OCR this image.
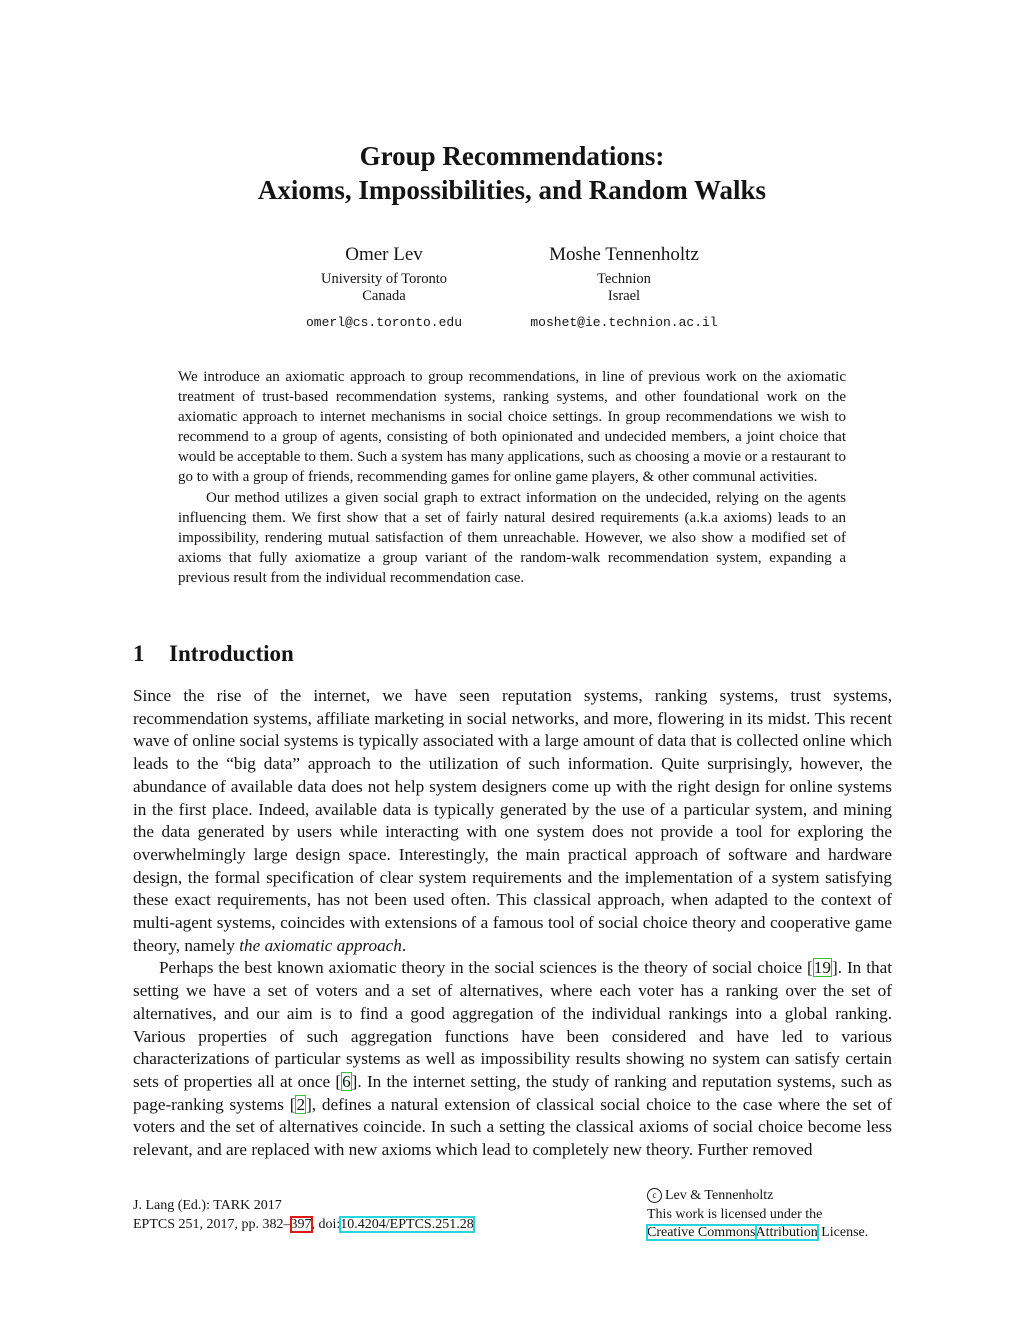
Group Recommendations:
Axioms, Impossibilities, and Random Walks
Omer Lev
University of Toronto
Canada
omerl@cs.toronto.edu
Moshe Tennenholtz
Technion
Israel
moshet@ie.technion.ac.il

We introduce an axiomatic approach to group recommendations, in line of previous work on the axiomatic treatment of trust-based recommendation systems, ranking systems, and other foundational work on the axiomatic approach to internet mechanisms in social choice settings. In group recommendations we wish to recommend to a group of agents, consisting of both opinionated and undecided members, a joint choice that would be acceptable to them. Such a system has many applications, such as choosing a movie or a restaurant to go to with a group of friends, recommending games for online game players, & other communal activities.

Our method utilizes a given social graph to extract information on the undecided, relying on the agents influencing them. We first show that a set of fairly natural desired requirements (a.k.a axioms) leads to an impossibility, rendering mutual satisfaction of them unreachable. However, we also show a modified set of axioms that fully axiomatize a group variant of the random-walk recommendation system, expanding a previous result from the individual recommendation case.

1 Introduction

Since the rise of the internet, we have seen reputation systems, ranking systems, trust systems, recommendation systems, affiliate marketing in social networks, and more, flowering in its midst. This recent wave of online social systems is typically associated with a large amount of data that is collected online which leads to the “big data” approach to the utilization of such information. Quite surprisingly, however, the abundance of available data does not help system designers come up with the right design for online systems in the first place. Indeed, available data is typically generated by the use of a particular system, and mining the data generated by users while interacting with one system does not provide a tool for exploring the overwhelmingly large design space. Interestingly, the main practical approach of software and hardware design, the formal specification of clear system requirements and the implementation of a system satisfying these exact requirements, has not been used often. This classical approach, when adapted to the context of multi-agent systems, coincides with extensions of a famous tool of social choice theory and cooperative game theory, namely the axiomatic approach.

Perhaps the best known axiomatic theory in the social sciences is the theory of social choice [19]. In that setting we have a set of voters and a set of alternatives, where each voter has a ranking over the set of alternatives, and our aim is to find a good aggregation of the individual rankings into a global ranking. Various properties of such aggregation functions have been considered and have led to various characterizations of particular systems as well as impossibility results showing no system can satisfy certain sets of properties all at once [6]. In the internet setting, the study of ranking and reputation systems, such as page-ranking systems [2], defines a natural extension of classical social choice to the case where the set of voters and the set of alternatives coincide. In such a setting the classical axioms of social choice become less relevant, and are replaced with new axioms which lead to completely new theory. Further removed

J. Lang (Ed.): TARK 2017
EPTCS 251, 2017, pp. 382–397, doi:10.4204/EPTCS.251.28
c Lev & Tennenholtz
This work is licensed under the
Creative CommonsAttribution License.
